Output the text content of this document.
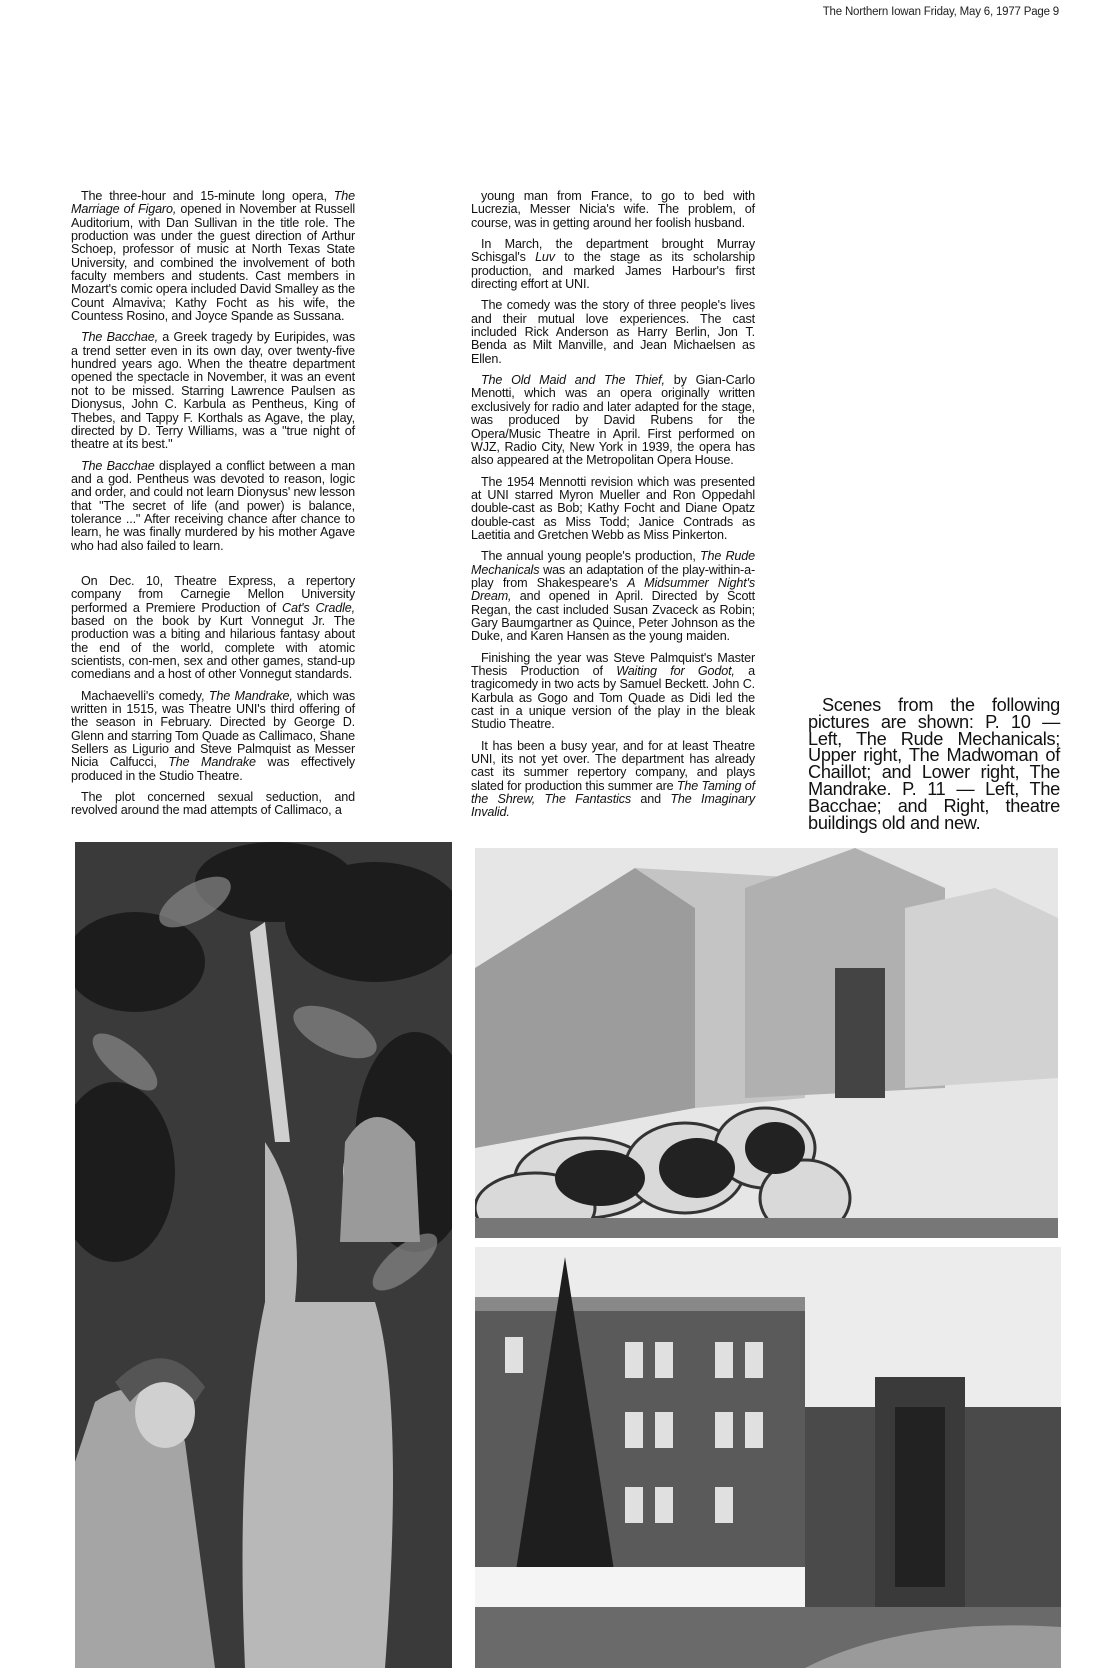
The Northern Iowan Friday, May 6, 1977 Page 9

The three-hour and 15-minute long opera, The Marriage of Figaro, opened in November at Russell Auditorium, with Dan Sullivan in the title role. The production was under the guest direction of Arthur Schoep, professor of music at North Texas State University, and combined the involvement of both faculty members and students. Cast members in Mozart's comic opera included David Smalley as the Count Almaviva; Kathy Focht as his wife, the Countess Rosino, and Joyce Spande as Sussana.

The Bacchae, a Greek tragedy by Euripides, was a trend setter even in its own day, over twenty-five hundred years ago. When the theatre department opened the spectacle in November, it was an event not to be missed. Starring Lawrence Paulsen as Dionysus, John C. Karbula as Pentheus, King of Thebes, and Tappy F. Korthals as Agave, the play, directed by D. Terry Williams, was a "true night of theatre at its best."

The Bacchae displayed a conflict between a man and a god. Pentheus was devoted to reason, logic and order, and could not learn Dionysus' new lesson that "The secret of life (and power) is balance, tolerance ..." After receiving chance after chance to learn, he was finally murdered by his mother Agave who had also failed to learn.

On Dec. 10, Theatre Express, a repertory company from Carnegie Mellon University performed a Premiere Production of Cat's Cradle, based on the book by Kurt Vonnegut Jr. The production was a biting and hilarious fantasy about the end of the world, complete with atomic scientists, con-men, sex and other games, stand-up comedians and a host of other Vonnegut standards.

Machaevelli's comedy, The Mandrake, which was written in 1515, was Theatre UNI's third offering of the season in February. Directed by George D. Glenn and starring Tom Quade as Callimaco, Shane Sellers as Ligurio and Steve Palmquist as Messer Nicia Calfucci, The Mandrake was effectively produced in the Studio Theatre.

The plot concerned sexual seduction, and revolved around the mad attempts of Callimaco, a

young man from France, to go to bed with Lucrezia, Messer Nicia's wife. The problem, of course, was in getting around her foolish husband.

In March, the department brought Murray Schisgal's Luv to the stage as its scholarship production, and marked James Harbour's first directing effort at UNI.

The comedy was the story of three people's lives and their mutual love experiences. The cast included Rick Anderson as Harry Berlin, Jon T. Benda as Milt Manville, and Jean Michaelsen as Ellen.

The Old Maid and The Thief, by Gian-Carlo Menotti, which was an opera originally written exclusively for radio and later adapted for the stage, was produced by David Rubens for the Opera/Music Theatre in April. First performed on WJZ, Radio City, New York in 1939, the opera has also appeared at the Metropolitan Opera House.

The 1954 Mennotti revision which was presented at UNI starred Myron Mueller and Ron Oppedahl double-cast as Bob; Kathy Focht and Diane Opatz double-cast as Miss Todd; Janice Contrads as Laetitia and Gretchen Webb as Miss Pinkerton.

The annual young people's production, The Rude Mechanicals was an adaptation of the play-within-a-play from Shakespeare's A Midsummer Night's Dream, and opened in April. Directed by Scott Regan, the cast included Susan Zvaceck as Robin; Gary Baumgartner as Quince, Peter Johnson as the Duke, and Karen Hansen as the young maiden.

Finishing the year was Steve Palmquist's Master Thesis Production of Waiting for Godot, a tragicomedy in two acts by Samuel Beckett. John C. Karbula as Gogo and Tom Quade as Didi led the cast in a unique version of the play in the bleak Studio Theatre.

It has been a busy year, and for at least Theatre UNI, its not yet over. The department has already cast its summer repertory company, and plays slated for production this summer are The Taming of the Shrew, The Fantastics and The Imaginary Invalid.

Scenes from the following pictures are shown: P. 10 — Left, The Rude Mechanicals; Upper right, The Madwoman of Chaillot; and Lower right, The Mandrake. P. 11 — Left, The Bacchae; and Right, theatre buildings old and new.
